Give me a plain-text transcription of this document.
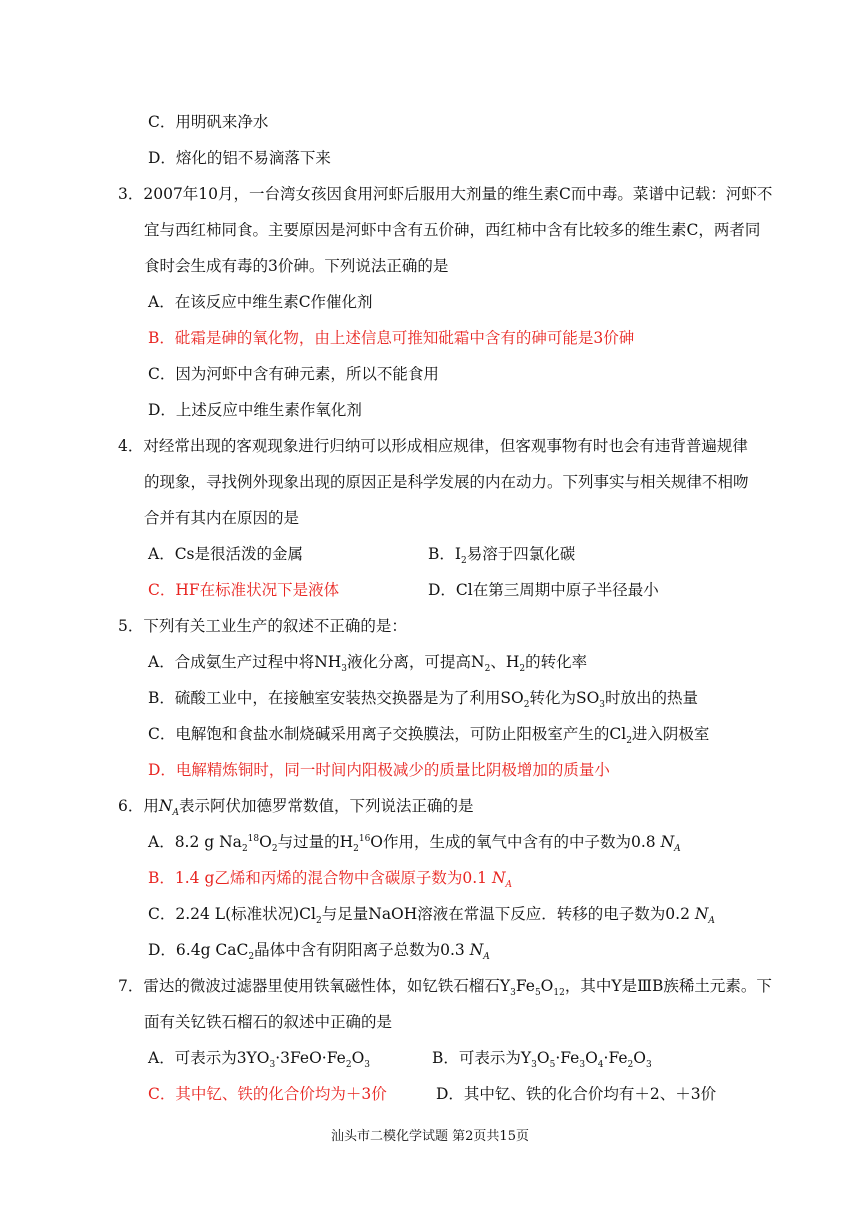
C．用明矾来净水
D．熔化的铝不易滴落下来
3．2007年10月，一台湾女孩因食用河虾后服用大剂量的维生素C而中毒。菜谱中记载：河虾不
宜与西红柿同食。主要原因是河虾中含有五价砷，西红柿中含有比较多的维生素C，两者同
食时会生成有毒的3价砷。下列说法正确的是
A．在该反应中维生素C作催化剂
B．砒霜是砷的氧化物，由上述信息可推知砒霜中含有的砷可能是3价砷
C．因为河虾中含有砷元素，所以不能食用
D．上述反应中维生素作氧化剂
4．对经常出现的客观现象进行归纳可以形成相应规律，但客观事物有时也会有违背普遍规律
的现象，寻找例外现象出现的原因正是科学发展的内在动力。下列事实与相关规律不相吻
合并有其内在原因的是
A．Cs是很活泼的金属	B．$I_2$易溶于四氯化碳
C．HF在标准状况下是液体	D．Cl在第三周期中原子半径最小
5．下列有关工业生产的叙述不正确的是：
A．合成氨生产过程中将$NH_3$液化分离，可提高$N_2$、$H_2$的转化率
B．硫酸工业中，在接触室安装热交换器是为了利用$SO_2$转化为$SO_3$时放出的热量
C．电解饱和食盐水制烧碱采用离子交换膜法，可防止阳极室产生的$Cl_2$进入阴极室
D．电解精炼铜时，同一时间内阳极减少的质量比阴极增加的质量小
6．用$N_A$表示阿伏加德罗常数值，下列说法正确的是
A．8.2 g $Na_2^{18}O_2$与过量的$H_2^{16}O$作用，生成的氧气中含有的中子数为0.8 $N_A$
B．1.4 g乙烯和丙烯的混合物中含碳原子数为0.1 $N_A$
C．2.24 L(标准状况)$Cl_2$与足量NaOH溶液在常温下反应．转移的电子数为0.2 $N_A$
D．6.4g CaC$_2$晶体中含有阴阳离子总数为0.3 $N_A$
7．雷达的微波过滤器里使用铁氧磁性体，如钇铁石榴石$Y_3Fe_5O_{12}$，其中Y是ⅢB族稀土元素。下
面有关钇铁石榴石的叙述中正确的是
A．可表示为$3YO_3\cdot 3FeO\cdot Fe_2O_3$	B．可表示为$Y_3O_5\cdot Fe_3O_4\cdot Fe_2O_3$
C．其中钇、铁的化合价均为＋3价	D．其中钇、铁的化合价均有＋2、＋3价
汕头市二模化学试题 第2页共15页
